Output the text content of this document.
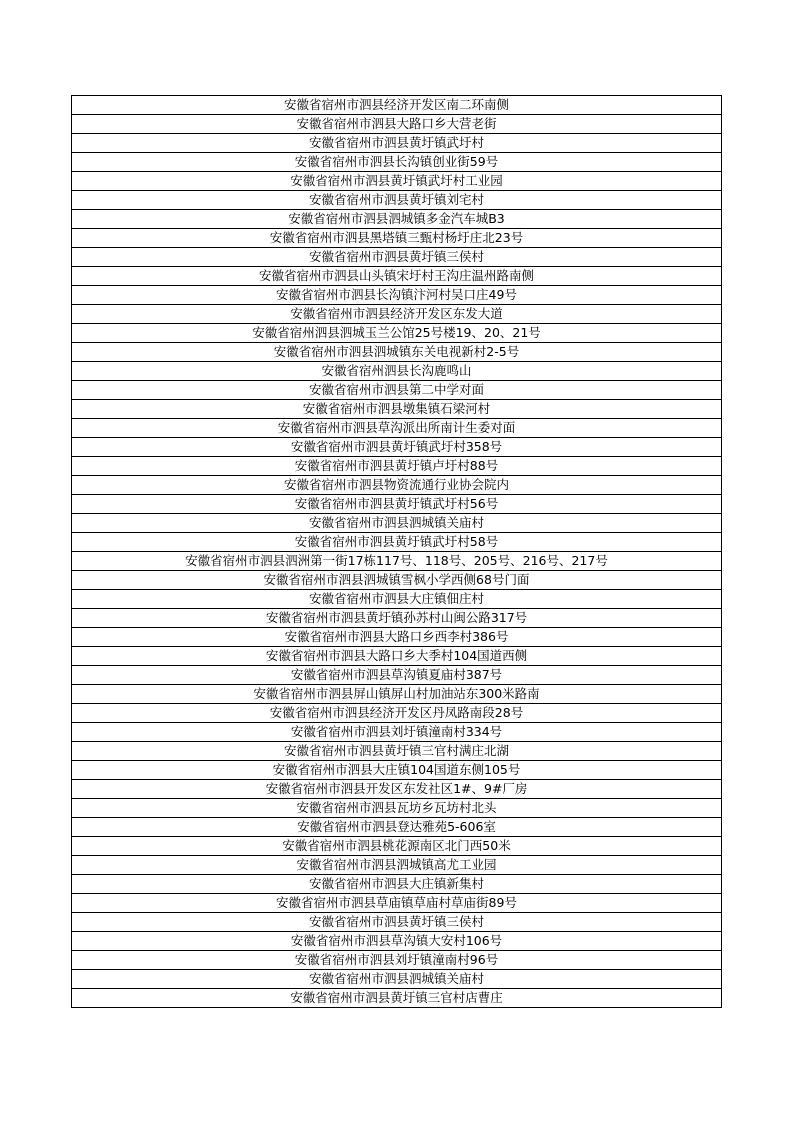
安徽省宿州市泗县经济开发区南二环南侧
安徽省宿州市泗县大路口乡大营老街
安徽省宿州市泗县黄圩镇武圩村
安徽省宿州市泗县长沟镇创业街59号
安徽省宿州市泗县黄圩镇武圩村工业园
安徽省宿州市泗县黄圩镇刘宅村
安徽省宿州市泗县泗城镇多金汽车城B3
安徽省宿州市泗县黑塔镇三甄村杨圩庄北23号
安徽省宿州市泗县黄圩镇三侯村
安徽省宿州市泗县山头镇宋圩村王沟庄温州路南侧
安徽省宿州市泗县长沟镇汴河村吴口庄49号
安徽省宿州市泗县经济开发区东发大道
安徽省宿州泗县泗城玉兰公馆25号楼19、20、21号
安徽省宿州市泗县泗城镇东关电视新村2-5号
安徽省宿州泗县长沟鹿鸣山
安徽省宿州市泗县第二中学对面
安徽省宿州市泗县墩集镇石梁河村
安徽省宿州市泗县草沟派出所南计生委对面
安徽省宿州市泗县黄圩镇武圩村358号
安徽省宿州市泗县黄圩镇卢圩村88号
安徽省宿州市泗县物资流通行业协会院内
安徽省宿州市泗县黄圩镇武圩村56号
安徽省宿州市泗县泗城镇关庙村
安徽省宿州市泗县黄圩镇武圩村58号
安徽省宿州市泗县泗洲第一街17栋117号、118号、205号、216号、217号
安徽省宿州市泗县泗城镇雪枫小学西侧68号门面
安徽省宿州市泗县大庄镇佃庄村
安徽省宿州市泗县黄圩镇孙苏村山闽公路317号
安徽省宿州市泗县大路口乡西李村386号
安徽省宿州市泗县大路口乡大季村104国道西侧
安徽省宿州市泗县草沟镇夏庙村387号
安徽省宿州市泗县屏山镇屏山村加油站东300米路南
安徽省宿州市泗县经济开发区丹凤路南段28号
安徽省宿州市泗县刘圩镇潼南村334号
安徽省宿州市泗县黄圩镇三官村满庄北湖
安徽省宿州市泗县大庄镇104国道东侧105号
安徽省宿州市泗县开发区东发社区1#、9#厂房
安徽省宿州市泗县瓦坊乡瓦坊村北头
安徽省宿州市泗县登达雅苑5-606室
安徽省宿州市泗县桃花源南区北门西50米
安徽省宿州市泗县泗城镇高尤工业园
安徽省宿州市泗县大庄镇新集村
安徽省宿州市泗县草庙镇草庙村草庙街89号
安徽省宿州市泗县黄圩镇三侯村
安徽省宿州市泗县草沟镇大安村106号
安徽省宿州市泗县刘圩镇潼南村96号
安徽省宿州市泗县泗城镇关庙村
安徽省宿州市泗县黄圩镇三官村店曹庄
